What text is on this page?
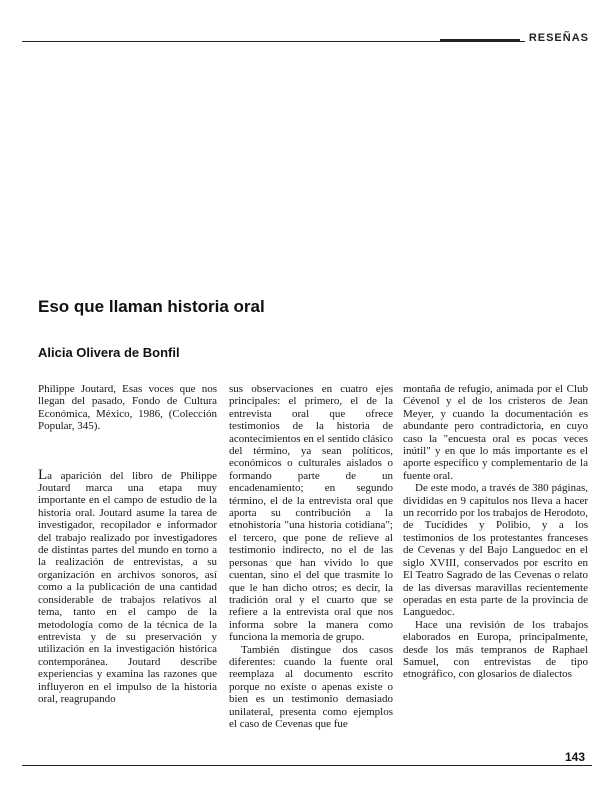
RESEÑAS
Eso que llaman historia oral
Alicia Olivera de Bonfil

Philippe Joutard, Esas voces que nos llegan del pasado, Fondo de Cultura Económica, México, 1986, (Colección Popular, 345).

La aparición del libro de Philippe Joutard marca una etapa muy importante en el campo de estudio de la historia oral. Joutard asume la tarea de investigador, recopilador e informador del trabajo realizado por investigadores de distintas partes del mundo en torno a la realización de entrevistas, a su organización en archivos sonoros, así como a la publicación de una cantidad considerable de trabajos relativos al tema, tanto en el campo de la metodología como de la técnica de la entrevista y de su preservación y utilización en la investigación histórica contemporánea. Joutard describe experiencias y examina las razones que influyeron en el impulso de la historia oral, reagrupando

sus observaciones en cuatro ejes principales: el primero, el de la entrevista oral que ofrece testimonios de la historia de acontecimientos en el sentido clásico del término, ya sean políticos, económicos o culturales aislados o formando parte de un encadenamiento; en segundo término, el de la entrevista oral que aporta su contribución a la etnohistoria "una historia cotidiana"; el tercero, que pone de relieve al testimonio indirecto, no el de las personas que han vivido lo que cuentan, sino el del que trasmite lo que le han dicho otros; es decir, la tradición oral y el cuarto que se refiere a la entrevista oral que nos informa sobre la manera como funciona la memoria de grupo.

También distingue dos casos diferentes: cuando la fuente oral reemplaza al documento escrito porque no existe o apenas existe o bien es un testimonio demasiado unilateral, presenta como ejemplos el caso de Cevenas que fue

montaña de refugio, animada por el Club Cévenol y el de los cristeros de Jean Meyer, y cuando la documentación es abundante pero contradictoria, en cuyo caso la "encuesta oral es pocas veces inútil" y en que lo más importante es el aporte específico y complementario de la fuente oral.

De este modo, a través de 380 páginas, divididas en 9 capítulos nos lleva a hacer un recorrido por los trabajos de Herodoto, de Tucídides y Polibio, y a los testimonios de los protestantes franceses de Cevenas y del Bajo Languedoc en el siglo XVIII, conservados por escrito en El Teatro Sagrado de las Cevenas o relato de las diversas maravillas recientemente operadas en esta parte de la provincia de Languedoc.

Hace una revisión de los trabajos elaborados en Europa, principalmente, desde los más tempranos de Raphael Samuel, con entrevistas de tipo etnográfico, con glosarios de dialectos

143
